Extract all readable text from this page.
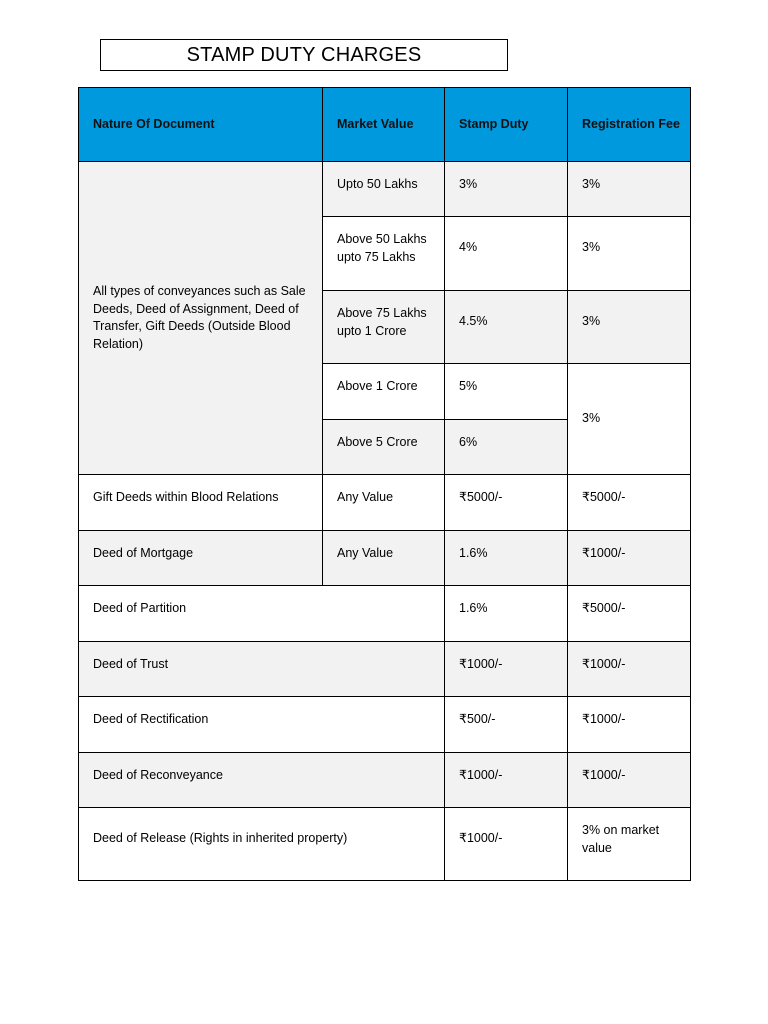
STAMP DUTY CHARGES
Nature Of Document	Market Value	Stamp Duty	Registration Fee
All types of conveyances such as Sale Deeds, Deed of Assignment, Deed of Transfer, Gift Deeds (Outside Blood Relation)	Upto 50 Lakhs	3%	3%
	Above 50 Lakhs upto 75 Lakhs	4%	3%
	Above 75 Lakhs upto 1 Crore	4.5%	3%
	Above 1 Crore	5%	3%
	Above 5 Crore	6%	
Gift Deeds within Blood Relations	Any Value	₹5000/-	₹5000/-
Deed of Mortgage	Any Value	1.6%	₹1000/-
Deed of Partition		1.6%	₹5000/-
Deed of Trust		₹1000/-	₹1000/-
Deed of Rectification		₹500/-	₹1000/-
Deed of Reconveyance		₹1000/-	₹1000/-
Deed of Release (Rights in inherited property)		₹1000/-	3% on market value
